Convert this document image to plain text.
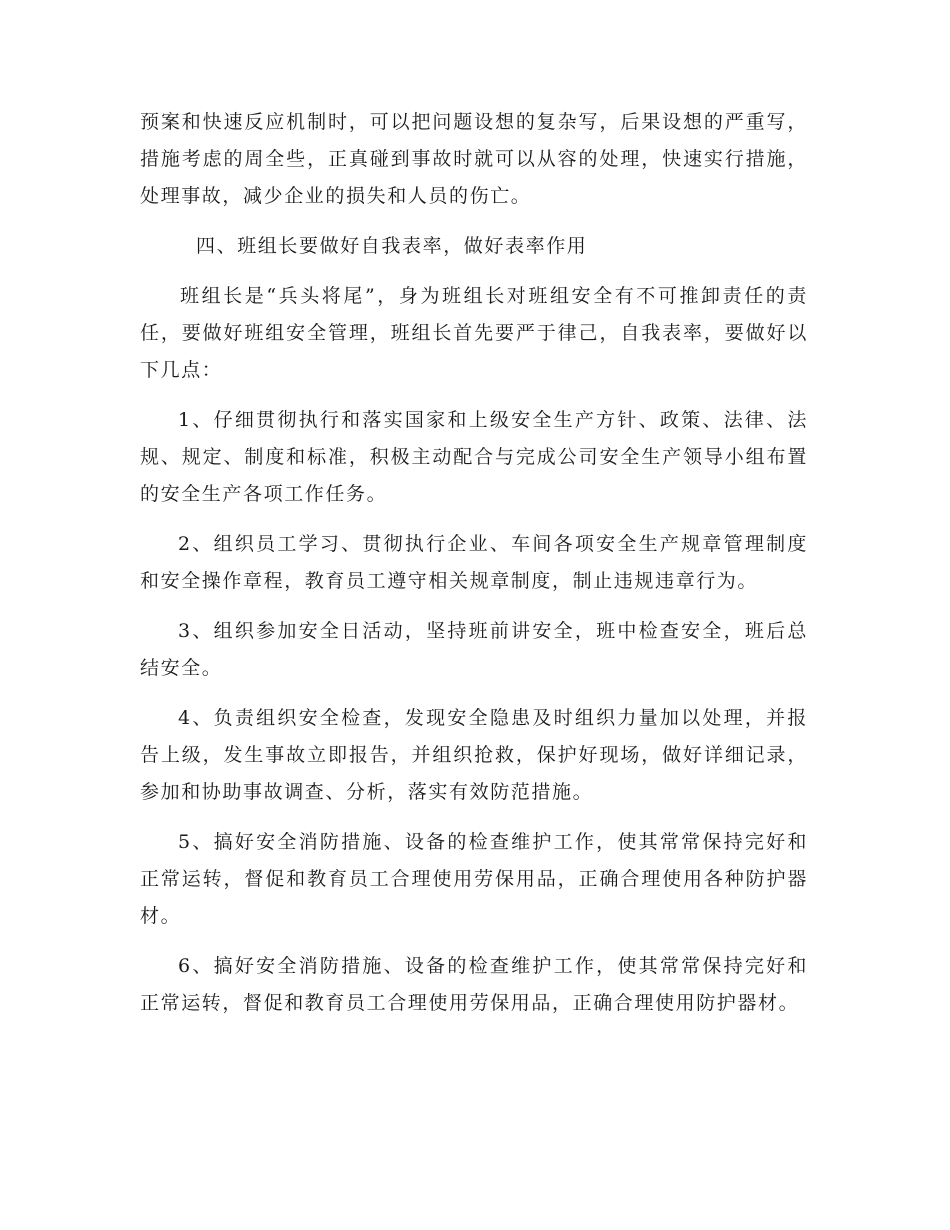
预案和快速反应机制时，可以把问题设想的复杂写，后果设想的严重写，措施考虑的周全些，正真碰到事故时就可以从容的处理，快速实行措施，处理事故，减少企业的损失和人员的伤亡。

四、班组长要做好自我表率，做好表率作用

班组长是“兵头将尾”，身为班组长对班组安全有不可推卸责任的责任，要做好班组安全管理，班组长首先要严于律己，自我表率，要做好以下几点：

1、仔细贯彻执行和落实国家和上级安全生产方针、政策、法律、法规、规定、制度和标准，积极主动配合与完成公司安全生产领导小组布置的安全生产各项工作任务。

2、组织员工学习、贯彻执行企业、车间各项安全生产规章管理制度和安全操作章程，教育员工遵守相关规章制度，制止违规违章行为。

3、组织参加安全日活动，坚持班前讲安全，班中检查安全，班后总结安全。

4、负责组织安全检查，发现安全隐患及时组织力量加以处理，并报告上级，发生事故立即报告，并组织抢救，保护好现场，做好详细记录，参加和协助事故调查、分析，落实有效防范措施。

5、搞好安全消防措施、设备的检查维护工作，使其常常保持完好和正常运转，督促和教育员工合理使用劳保用品，正确合理使用各种防护器材。

6、搞好安全消防措施、设备的检查维护工作，使其常常保持完好和正常运转，督促和教育员工合理使用劳保用品，正确合理使用防护器材。
